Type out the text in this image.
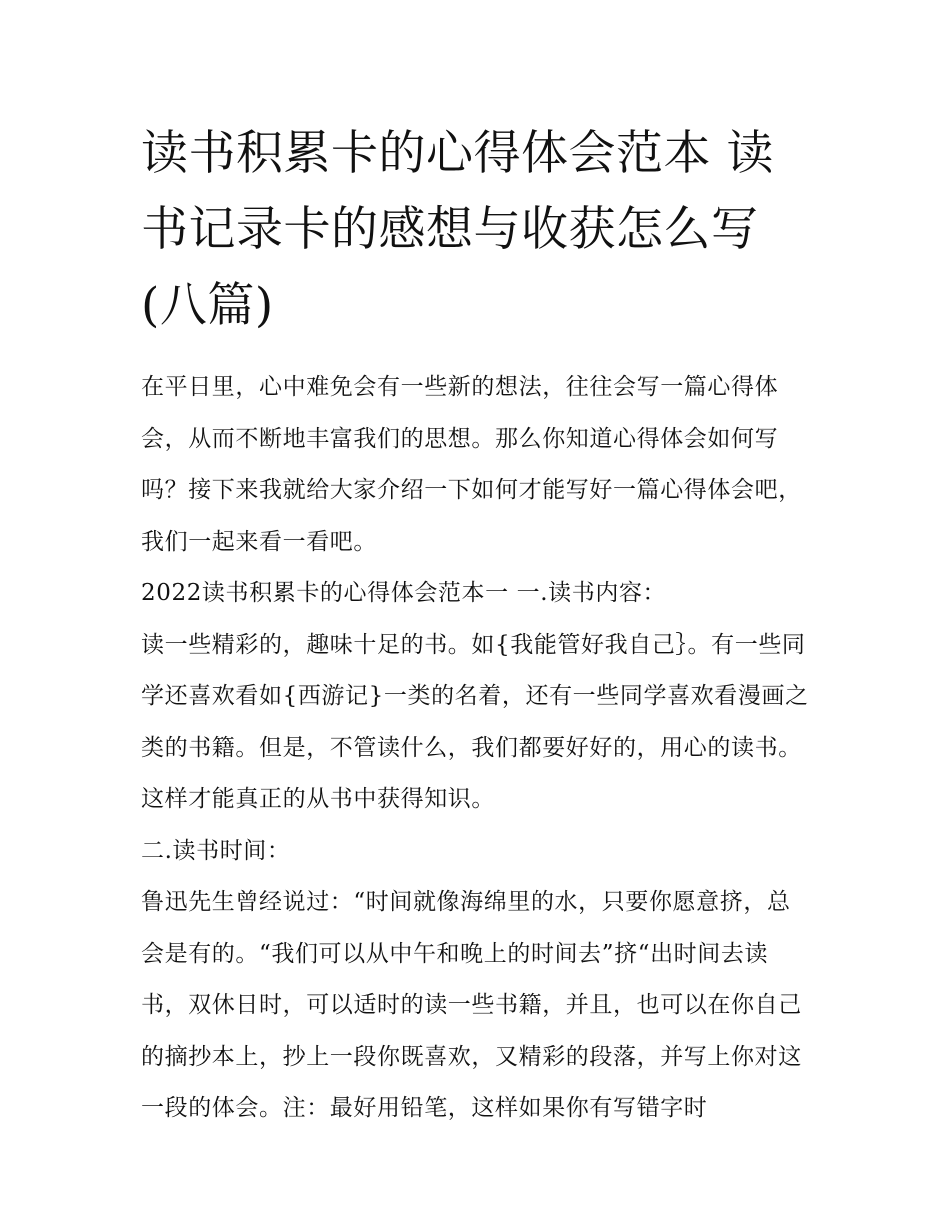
读书积累卡的心得体会范本 读书记录卡的感想与收获怎么写(八篇)

在平日里，心中难免会有一些新的想法，往往会写一篇心得体会，从而不断地丰富我们的思想。那么你知道心得体会如何写吗？接下来我就给大家介绍一下如何才能写好一篇心得体会吧，我们一起来看一看吧。

2022读书积累卡的心得体会范本一 一.读书内容：

读一些精彩的，趣味十足的书。如{我能管好我自己｝。有一些同学还喜欢看如{西游记}一类的名着，还有一些同学喜欢看漫画之类的书籍。但是，不管读什么，我们都要好好的，用心的读书。这样才能真正的从书中获得知识。

二.读书时间：

鲁迅先生曾经说过：“时间就像海绵里的水，只要你愿意挤，总会是有的。“我们可以从中午和晚上的时间去”挤“出时间去读书，双休日时，可以适时的读一些书籍，并且，也可以在你自己的摘抄本上，抄上一段你既喜欢，又精彩的段落，并写上你对这一段的体会。注：最好用铅笔，这样如果你有写错字时
